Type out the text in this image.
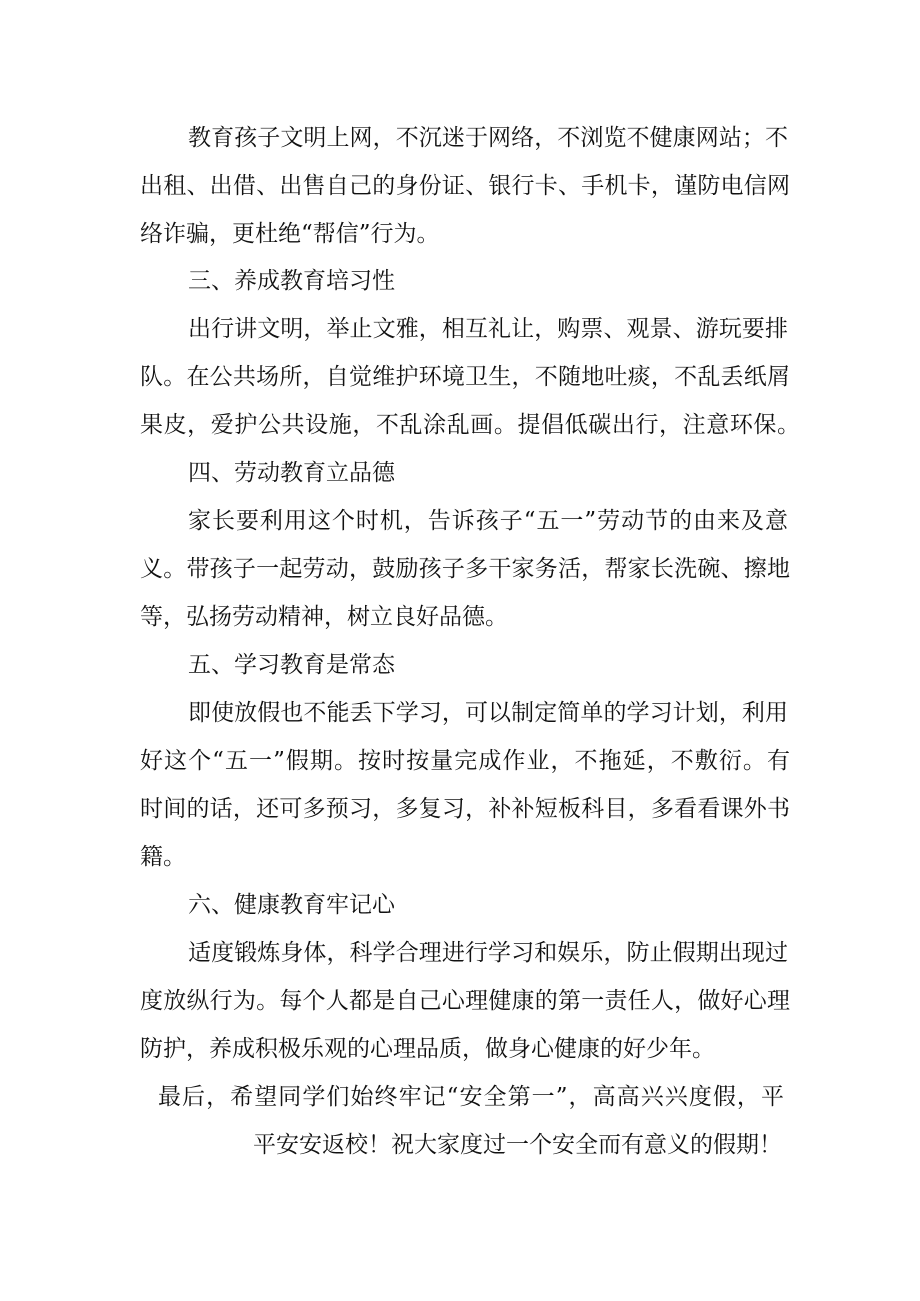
教育孩子文明上网，不沉迷于网络，不浏览不健康网站；不
出租、出借、出售自己的身份证、银行卡、手机卡，谨防电信网
络诈骗，更杜绝“帮信”行为。
三、养成教育培习性
出行讲文明，举止文雅，相互礼让，购票、观景、游玩要排
队。在公共场所，自觉维护环境卫生，不随地吐痰，不乱丢纸屑
果皮，爱护公共设施，不乱涂乱画。提倡低碳出行，注意环保。
四、劳动教育立品德
家长要利用这个时机，告诉孩子“五一”劳动节的由来及意
义。带孩子一起劳动，鼓励孩子多干家务活，帮家长洗碗、擦地
等，弘扬劳动精神，树立良好品德。
五、学习教育是常态
即使放假也不能丢下学习，可以制定简单的学习计划，利用
好这个“五一”假期。按时按量完成作业，不拖延，不敷衍。有
时间的话，还可多预习，多复习，补补短板科目，多看看课外书
籍。
六、健康教育牢记心
适度锻炼身体，科学合理进行学习和娱乐，防止假期出现过
度放纵行为。每个人都是自己心理健康的第一责任人，做好心理
防护，养成积极乐观的心理品质，做身心健康的好少年。
最后，希望同学们始终牢记“安全第一”，高高兴兴度假，平
平安安返校！祝大家度过一个安全而有意义的假期！
